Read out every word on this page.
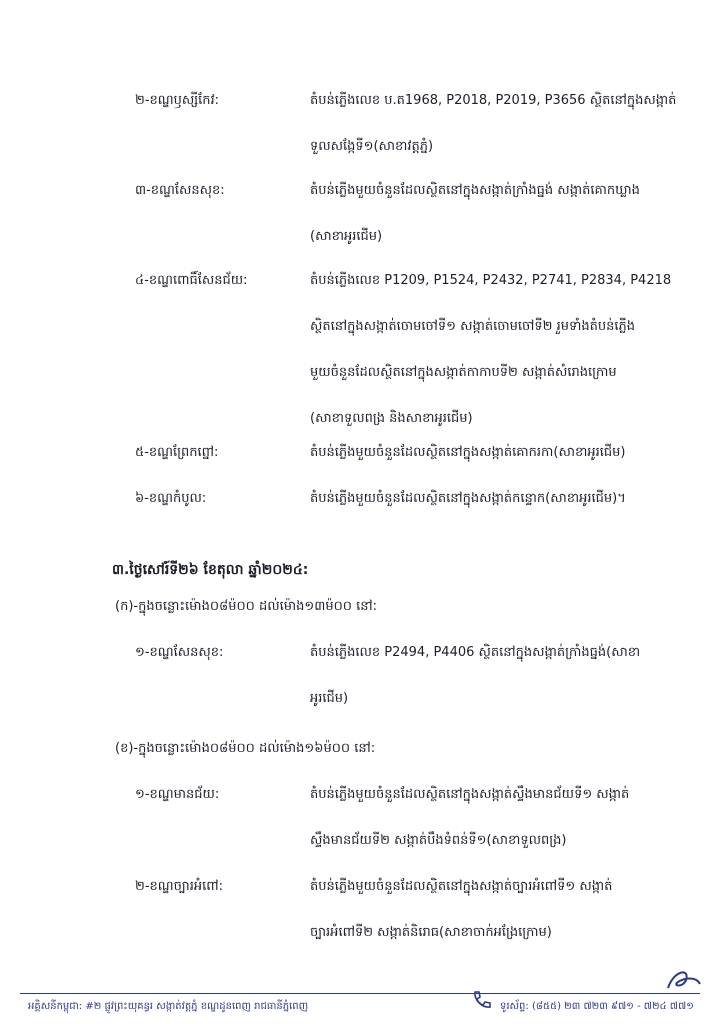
២-ខណ្ឌឫស្សីកែវ:	តំបន់ភ្លើងលេខ ប.ត1968, P2018, P2019, P3656 ស្ថិតនៅក្នុងសង្កាត់
ទួលសង្កែទី១(សាខាវត្តភ្នំ)
៣-ខណ្ឌសែនសុខ:	តំបន់ភ្លើងមួយចំនួនដែលស្ថិតនៅក្នុងសង្កាត់ក្រាំងធ្នង់ សង្កាត់គោកឃ្លាង
(សាខាអូរជើម)
៤-ខណ្ឌពោធិ៍សែនជ័យ:	តំបន់ភ្លើងលេខ P1209, P1524, P2432, P2741, P2834, P4218
ស្ថិតនៅក្នុងសង្កាត់ចោមចៅទី១ សង្កាត់ចោមចៅទី២ រួមទាំងតំបន់ភ្លើង
មួយចំនួនដែលស្ថិតនៅក្នុងសង្កាត់កាកាបទី២ សង្កាត់សំរោងក្រោម
(សាខាទួលពង្រ និងសាខាអូរជើម)
៥-ខណ្ឌព្រែកព្នៅ:	តំបន់ភ្លើងមួយចំនួនដែលស្ថិតនៅក្នុងសង្កាត់គោករកា(សាខាអូរជើម)
៦-ខណ្ឌកំបូល:	តំបន់ភ្លើងមួយចំនួនដែលស្ថិតនៅក្នុងសង្កាត់កន្ទោក(សាខាអូរជើម)។
៣.ថ្ងៃសៅរ៍ទី២៦ ខែតុលា ឆ្នាំ២០២៤:
(ក)-ក្នុងចន្លោះម៉ោង០៨ម៉០០ ដល់ម៉ោង១៣ម៉០០ នៅ:
១-ខណ្ឌសែនសុខ:	តំបន់ភ្លើងលេខ P2494, P4406 ស្ថិតនៅក្នុងសង្កាត់ក្រាំងធ្នង់(សាខា
អូរជើម)
(ខ)-ក្នុងចន្លោះម៉ោង០៨ម៉០០ ដល់ម៉ោង១៦ម៉០០ នៅ:
១-ខណ្ឌមានជ័យ:	តំបន់ភ្លើងមួយចំនួនដែលស្ថិតនៅក្នុងសង្កាត់ស្ទឹងមានជ័យទី១ សង្កាត់
ស្ទឹងមានជ័យទី២ សង្កាត់បឹងទំពន់ទី១(សាខាទួលពង្រ)
២-ខណ្ឌច្បារអំពៅ:	តំបន់ភ្លើងមួយចំនួនដែលស្ថិតនៅក្នុងសង្កាត់ច្បារអំពៅទី១ សង្កាត់
ច្បារអំពៅទី២ សង្កាត់និរោធ(សាខាចាក់អង្រែក្រោម)
អគ្គិសនីកម្ពុជា: #២ ផ្លូវព្រះយុគន្ធរ សង្កាត់វត្តភ្នំ ខណ្ឌដូនពេញ រាជធានីភ្នំពេញ	ទូរស័ព្ទ: (៨៥៥) ២៣ ៧២៣ ៩៧១ - ៧២៤ ៧៧១
